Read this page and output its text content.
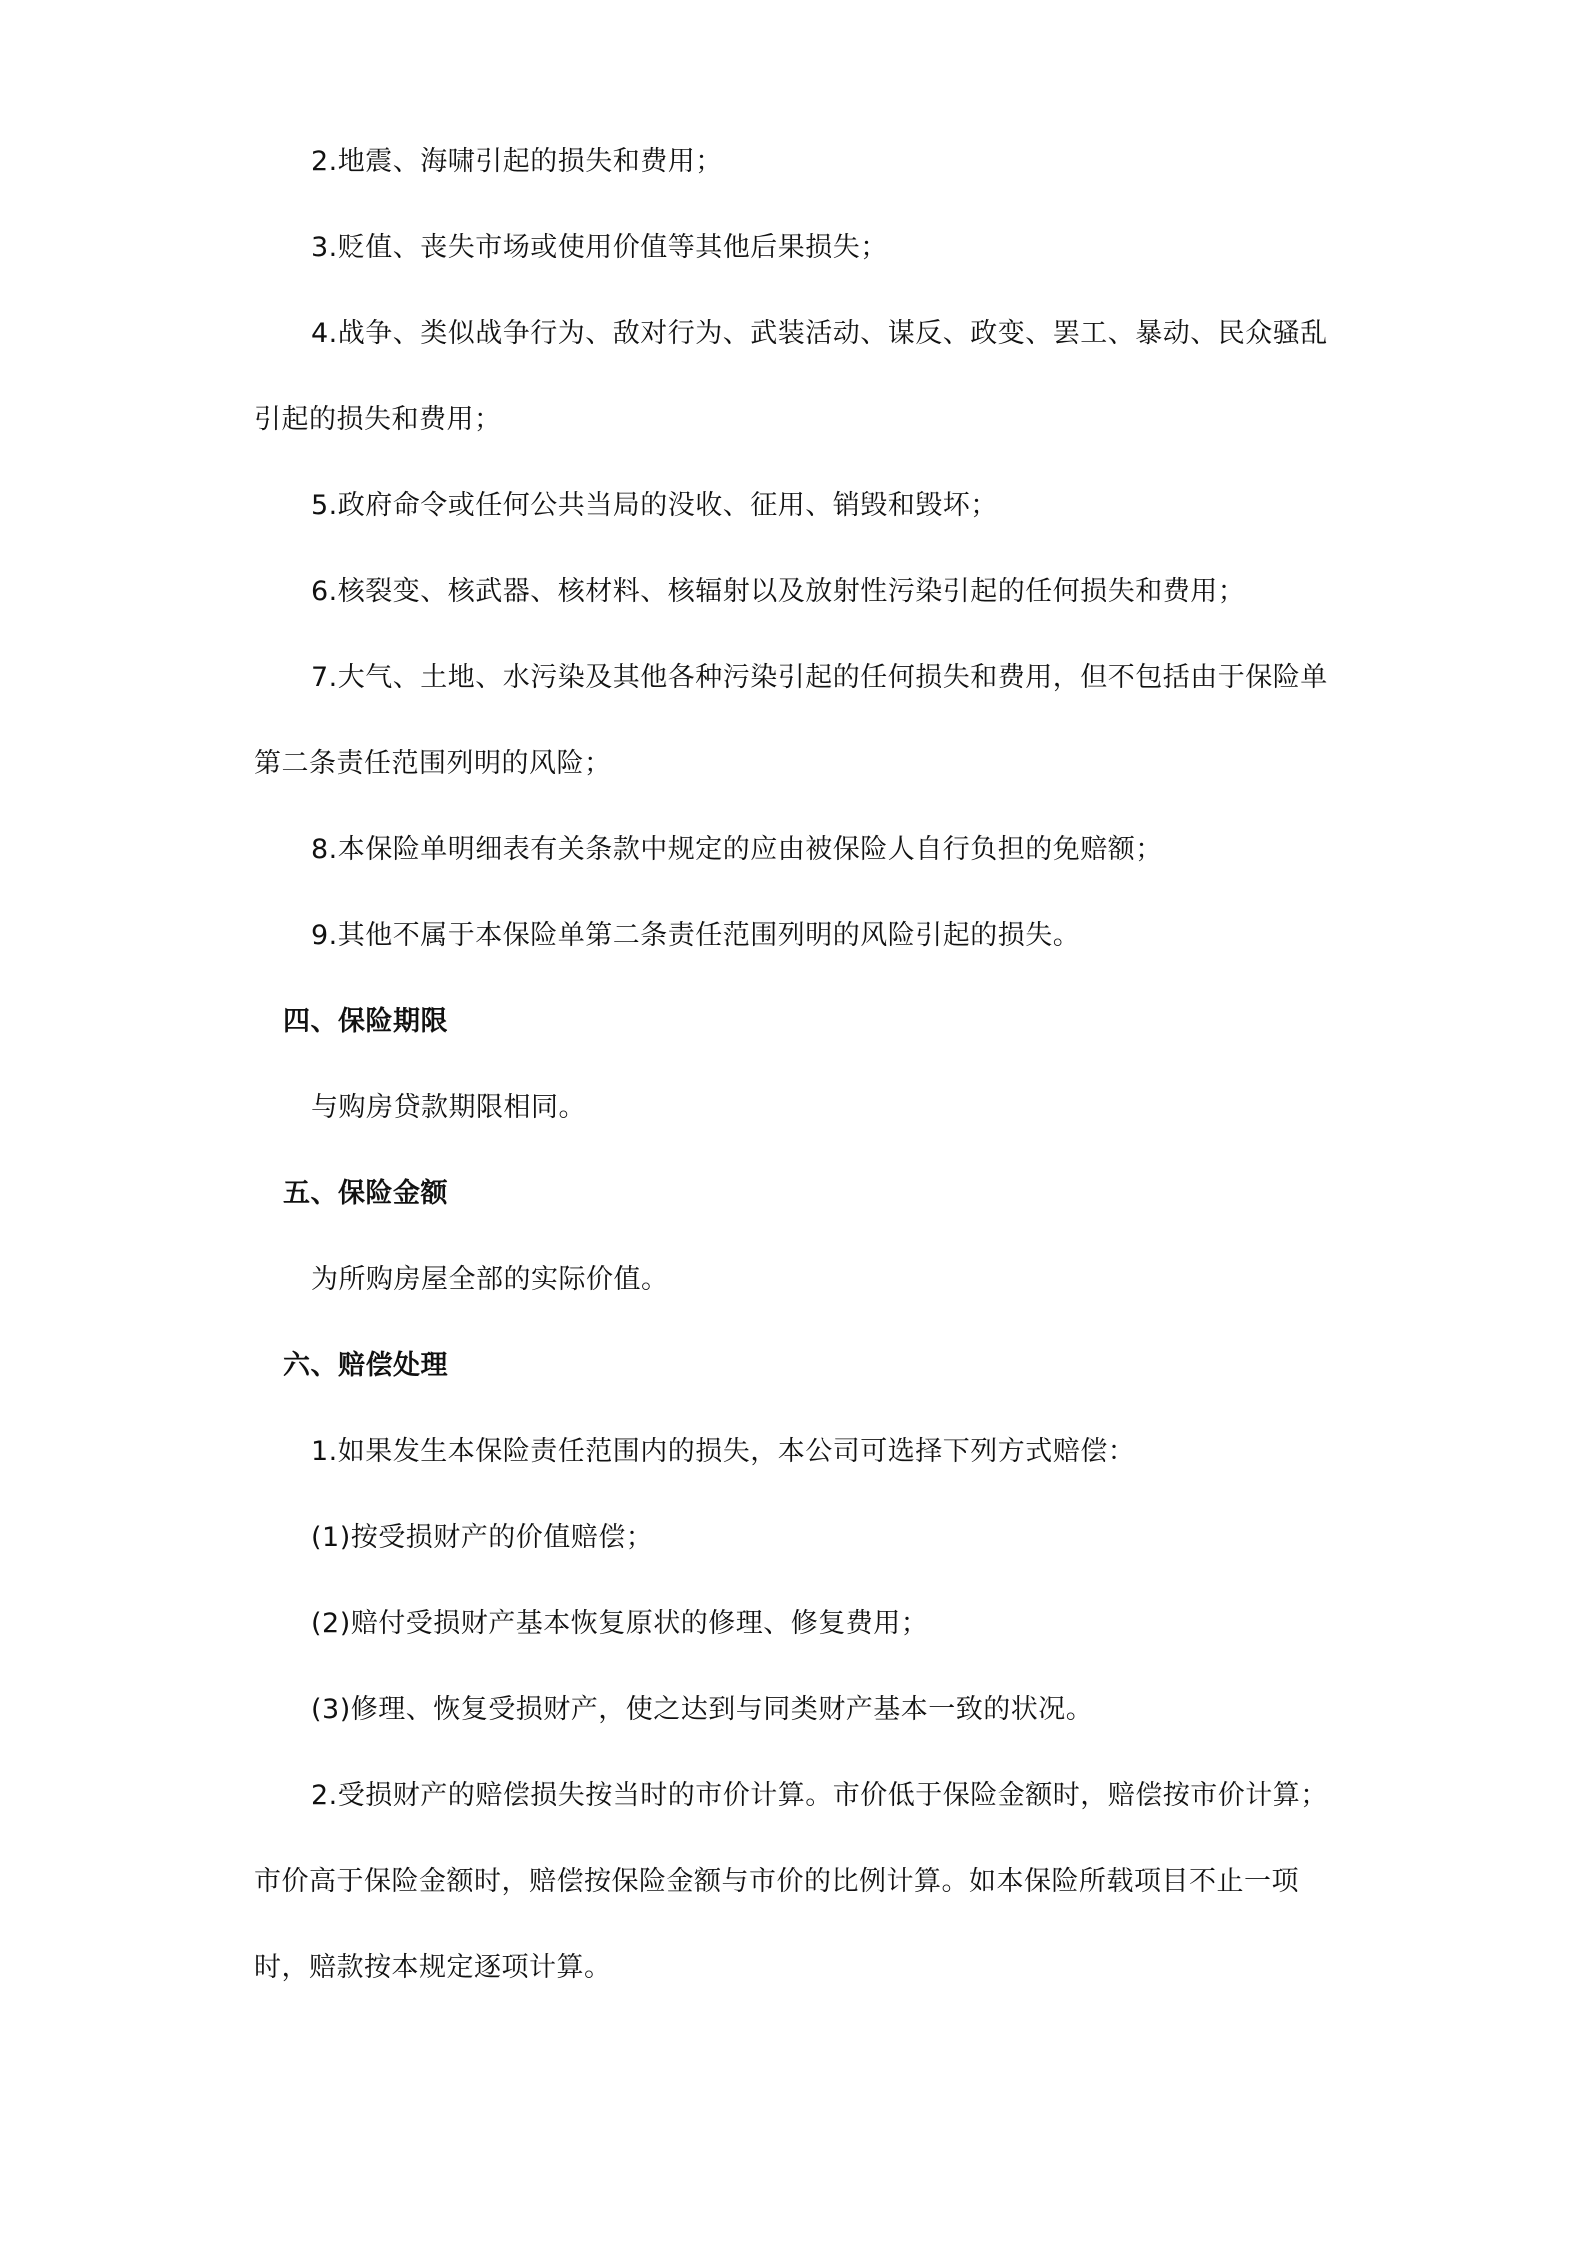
2.地震、海啸引起的损失和费用；
3.贬值、丧失市场或使用价值等其他后果损失；
4.战争、类似战争行为、敌对行为、武装活动、谋反、政变、罢工、暴动、民众骚乱
引起的损失和费用；
5.政府命令或任何公共当局的没收、征用、销毁和毁坏；
6.核裂变、核武器、核材料、核辐射以及放射性污染引起的任何损失和费用；
7.大气、土地、水污染及其他各种污染引起的任何损失和费用，但不包括由于保险单
第二条责任范围列明的风险；
8.本保险单明细表有关条款中规定的应由被保险人自行负担的免赔额；
9.其他不属于本保险单第二条责任范围列明的风险引起的损失。
四、保险期限
与购房贷款期限相同。
五、保险金额
为所购房屋全部的实际价值。
六、赔偿处理
1.如果发生本保险责任范围内的损失，本公司可选择下列方式赔偿：
(1)按受损财产的价值赔偿；
(2)赔付受损财产基本恢复原状的修理、修复费用；
(3)修理、恢复受损财产，使之达到与同类财产基本一致的状况。
2.受损财产的赔偿损失按当时的市价计算。市价低于保险金额时，赔偿按市价计算；
市价高于保险金额时，赔偿按保险金额与市价的比例计算。如本保险所载项目不止一项
时，赔款按本规定逐项计算。
